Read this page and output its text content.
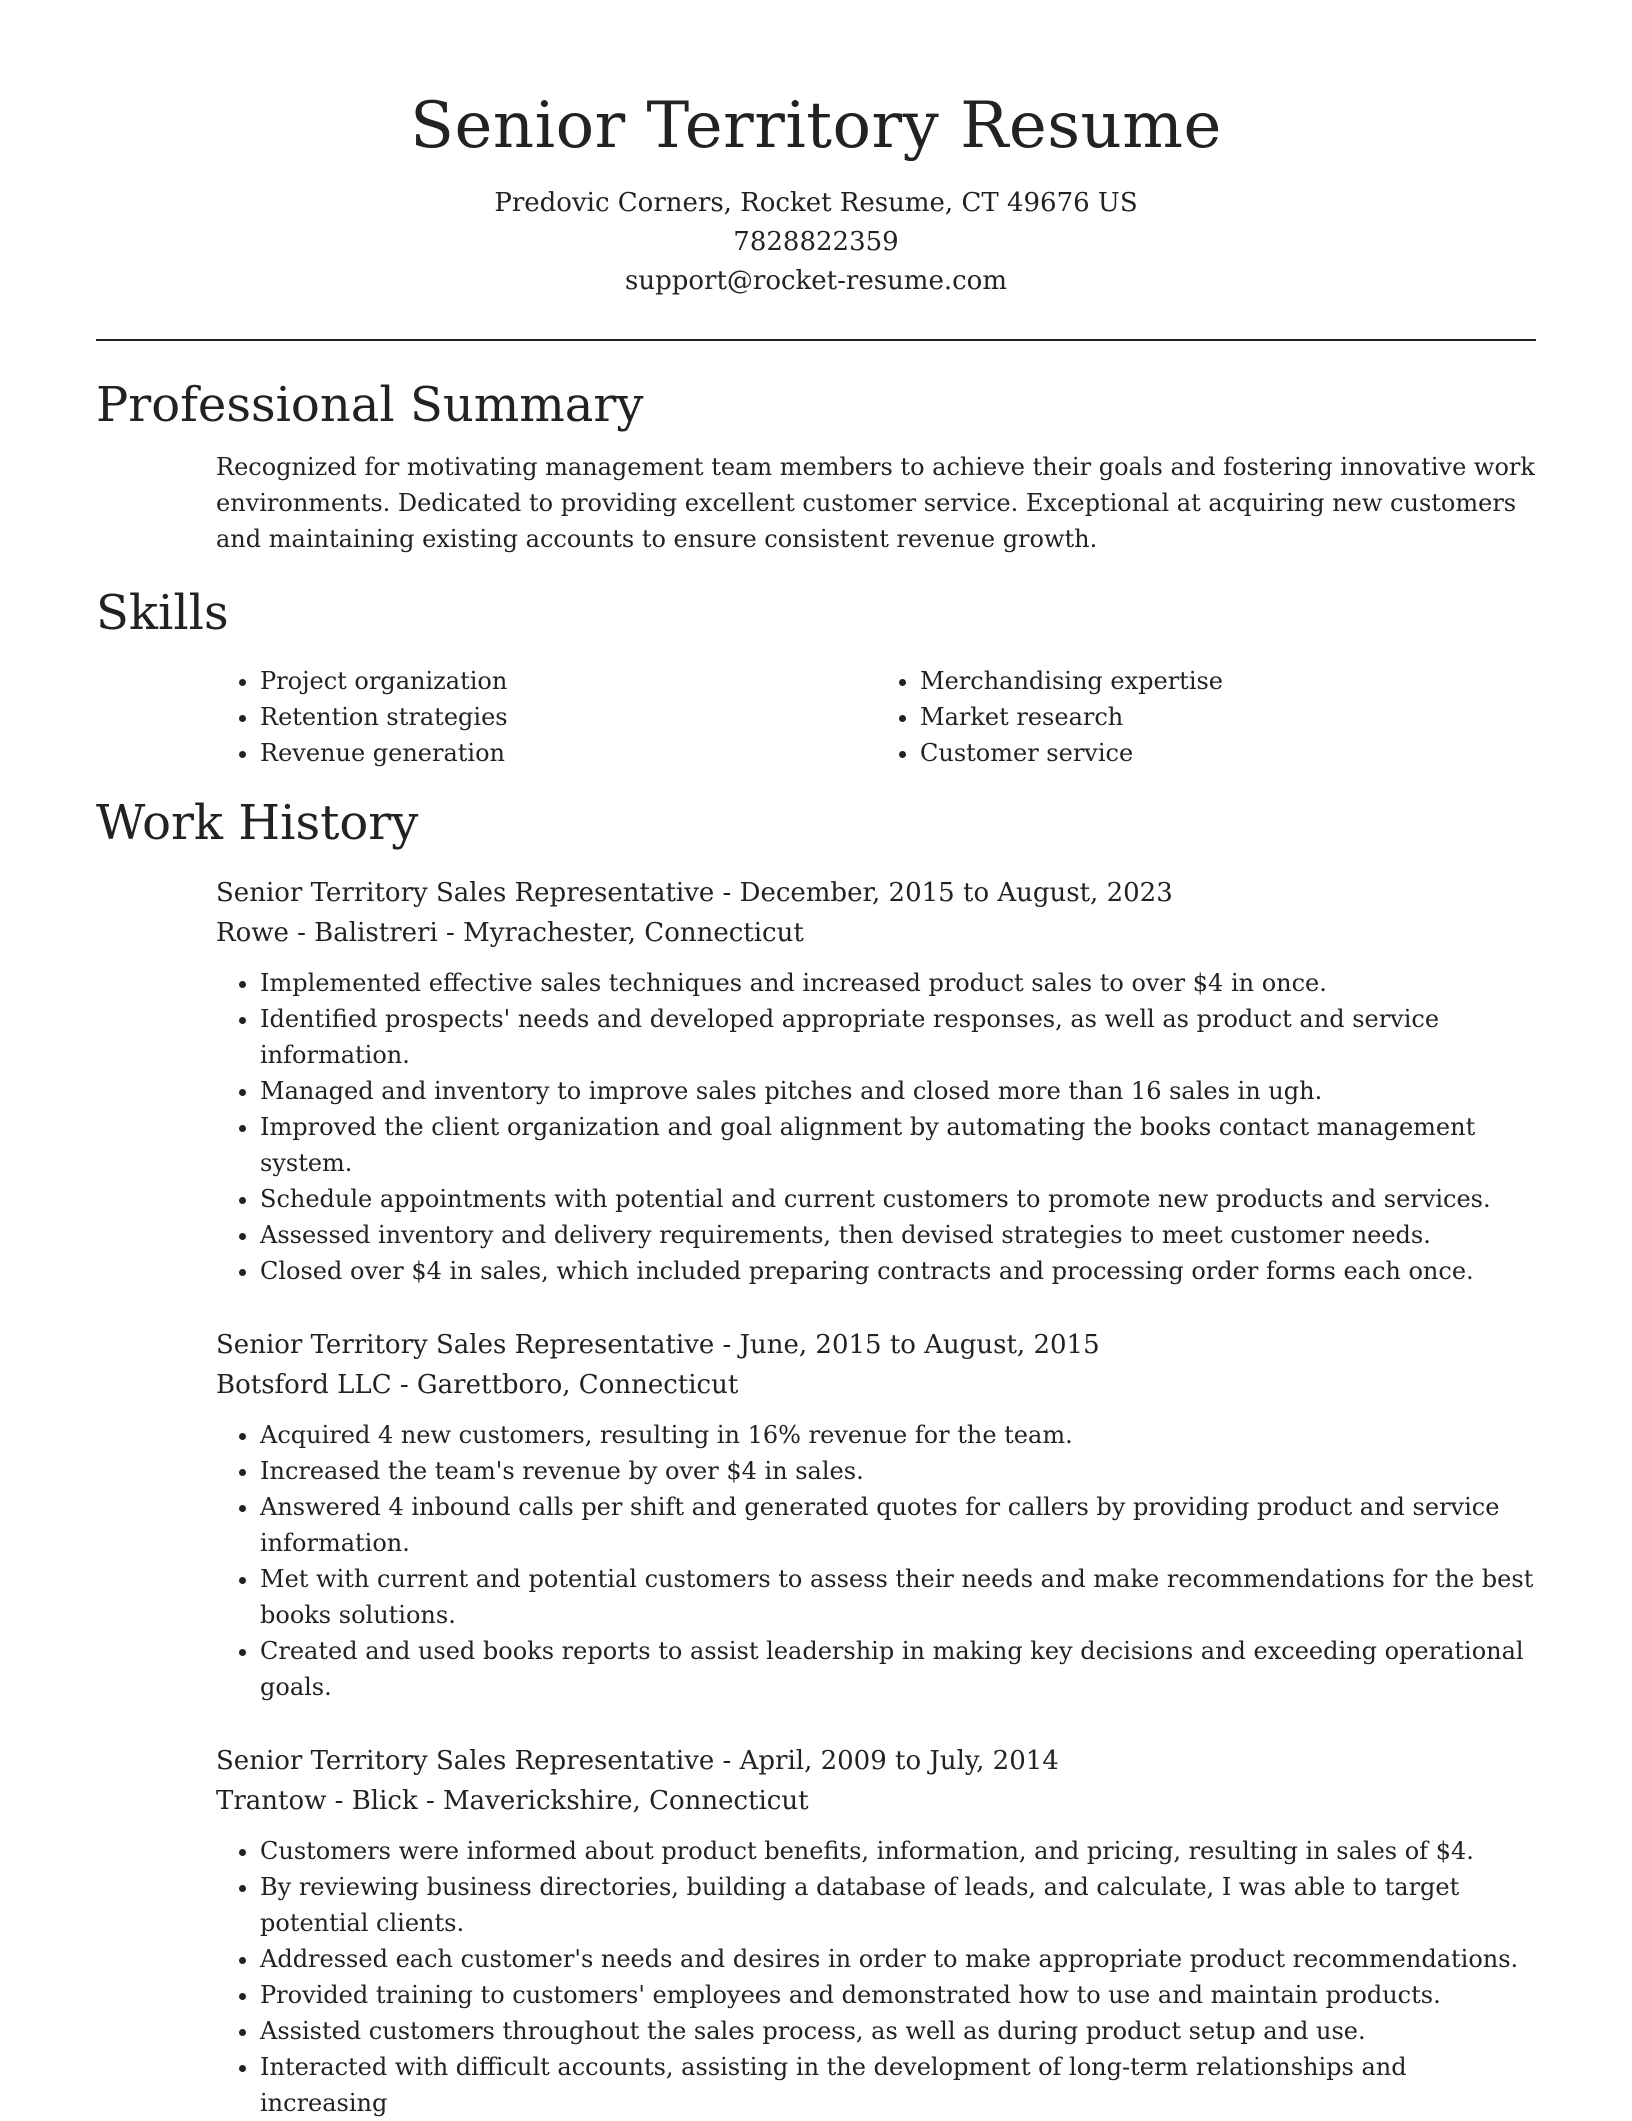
Senior Territory Resume

Predovic Corners, Rocket Resume, CT 49676 US

7828822359

support@rocket-resume.com

Professional Summary

Recognized for motivating management team members to achieve their goals and fostering innovative work environments. Dedicated to providing excellent customer service. Exceptional at acquiring new customers and maintaining existing accounts to ensure consistent revenue growth.

Skills
• Project organization
• Retention strategies
• Revenue generation
• Merchandising expertise
• Market research
• Customer service
Work History

Senior Territory Sales Representative - December, 2015 to August, 2023

Rowe - Balistreri - Myrachester, Connecticut

• Implemented effective sales techniques and increased product sales to over $4 in once.
• Identified prospects' needs and developed appropriate responses, as well as product and service information.
• Managed and inventory to improve sales pitches and closed more than 16 sales in ugh.
• Improved the client organization and goal alignment by automating the books contact management system.
• Schedule appointments with potential and current customers to promote new products and services.
• Assessed inventory and delivery requirements, then devised strategies to meet customer needs.
• Closed over $4 in sales, which included preparing contracts and processing order forms each once.

Senior Territory Sales Representative - June, 2015 to August, 2015

Botsford LLC - Garettboro, Connecticut

• Acquired 4 new customers, resulting in 16% revenue for the team.
• Increased the team's revenue by over $4 in sales.
• Answered 4 inbound calls per shift and generated quotes for callers by providing product and service information.
• Met with current and potential customers to assess their needs and make recommendations for the best books solutions.
• Created and used books reports to assist leadership in making key decisions and exceeding operational goals.

Senior Territory Sales Representative - April, 2009 to July, 2014

Trantow - Blick - Maverickshire, Connecticut

• Customers were informed about product benefits, information, and pricing, resulting in sales of $4.
• By reviewing business directories, building a database of leads, and calculate, I was able to target potential clients.
• Addressed each customer's needs and desires in order to make appropriate product recommendations.
• Provided training to customers' employees and demonstrated how to use and maintain products.
• Assisted customers throughout the sales process, as well as during product setup and use.
• Interacted with difficult accounts, assisting in the development of long-term relationships and increasing
